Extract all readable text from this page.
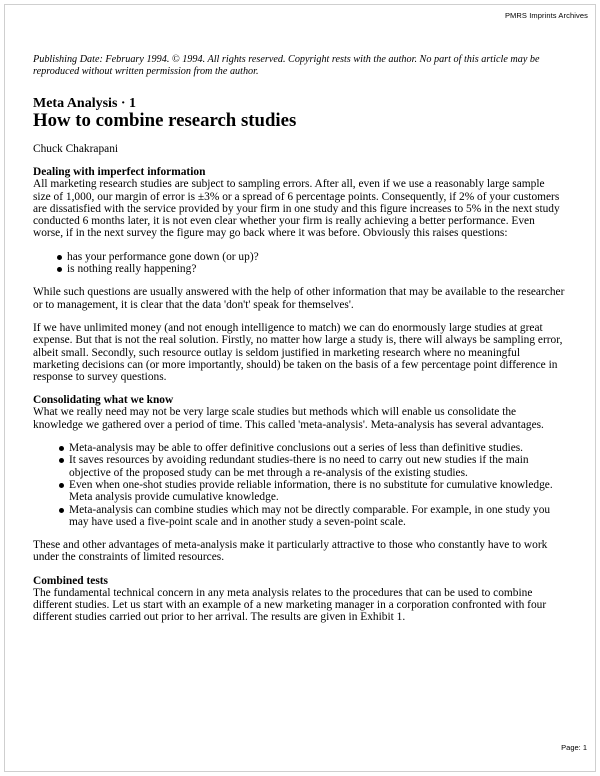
PMRS Imprints Archives

Publishing Date: February 1994. © 1994. All rights reserved. Copyright rests with the author. No part of this article may be reproduced without written permission from the author.

Meta Analysis · 1
How to combine research studies

Chuck Chakrapani

Dealing with imperfect information

All marketing research studies are subject to sampling errors. After all, even if we use a reasonably large sample size of 1,000, our margin of error is ±3% or a spread of 6 percentage points. Consequently, if 2% of your customers are dissatisfied with the service provided by your firm in one study and this figure increases to 5% in the next study conducted 6 months later, it is not even clear whether your firm is really achieving a better performance. Even worse, if in the next survey the figure may go back where it was before. Obviously this raises questions:

has your performance gone down (or up)?
is nothing really happening?

While such questions are usually answered with the help of other information that may be available to the researcher or to management, it is clear that the data 'don't' speak for themselves'.

If we have unlimited money (and not enough intelligence to match) we can do enormously large studies at great expense. But that is not the real solution. Firstly, no matter how large a study is, there will always be sampling error, albeit small. Secondly, such resource outlay is seldom justified in marketing research where no meaningful marketing decisions can (or more importantly, should) be taken on the basis of a few percentage point difference in response to survey questions.

Consolidating what we know

What we really need may not be very large scale studies but methods which will enable us consolidate the knowledge we gathered over a period of time. This called 'meta-analysis'. Meta-analysis has several advantages.

Meta-analysis may be able to offer definitive conclusions out a series of less than definitive studies.
It saves resources by avoiding redundant studies-there is no need to carry out new studies if the main objective of the proposed study can be met through a re-analysis of the existing studies.
Even when one-shot studies provide reliable information, there is no substitute for cumulative knowledge. Meta analysis provide cumulative knowledge.
Meta-analysis can combine studies which may not be directly comparable. For example, in one study you may have used a five-point scale and in another study a seven-point scale.

These and other advantages of meta-analysis make it particularly attractive to those who constantly have to work under the constraints of limited resources.

Combined tests

The fundamental technical concern in any meta analysis relates to the procedures that can be used to combine different studies. Let us start with an example of a new marketing manager in a corporation confronted with four different studies carried out prior to her arrival. The results are given in Exhibit 1.

Page: 1
